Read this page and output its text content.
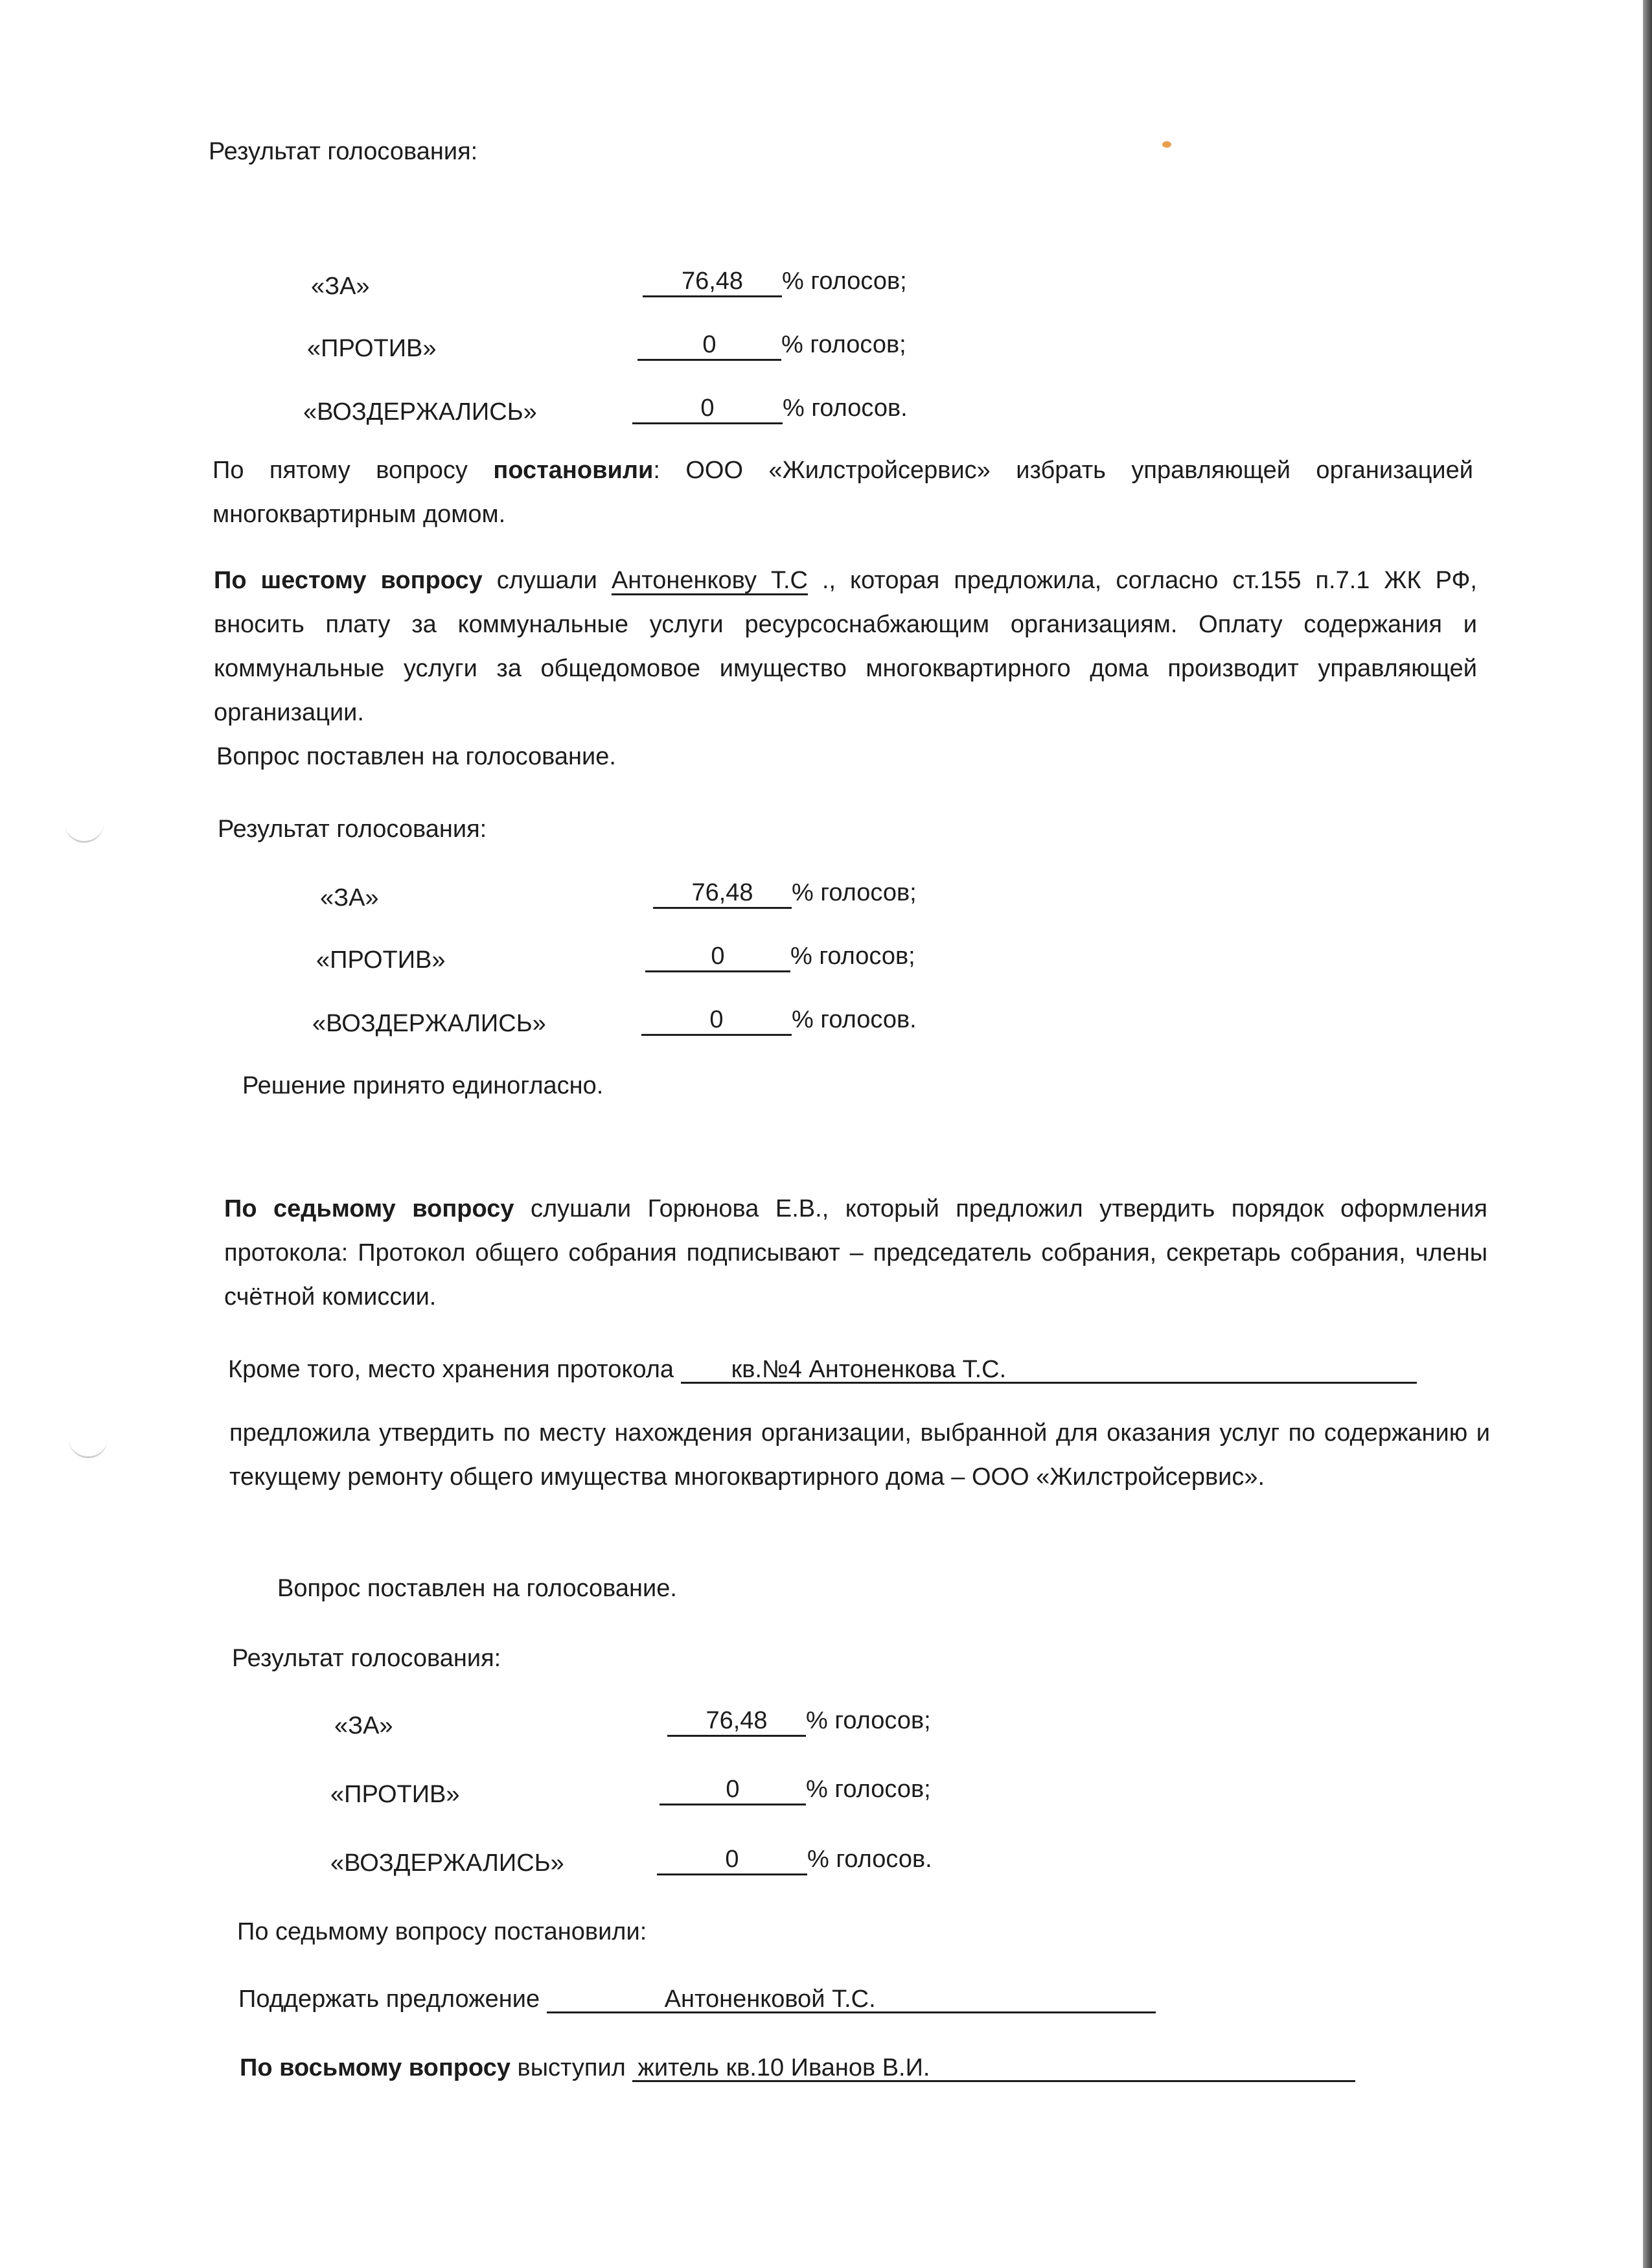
Результат голосования:
«ЗА»	76,48 % голосов;
«ПРОТИВ»	0	% голосов;
«ВОЗДЕРЖАЛИСЬ»	0	% голосов.
По пятому вопросу постановили: ООО «Жилстройсервис» избрать управляющей организацией многоквартирным домом.
По шестому вопросу слушали Антоненкову Т.С ., которая предложила, согласно ст.155 п.7.1 ЖК РФ, вносить плату за коммунальные услуги ресурсоснабжающим организациям. Оплату содержания и коммунальные услуги за общедомовое имущество многоквартирного дома производит управляющей организации.
Вопрос поставлен на голосование.
Результат голосования:
«ЗА»	76,48 % голосов;
«ПРОТИВ»	0	% голосов;
«ВОЗДЕРЖАЛИСЬ»	0	% голосов.
Решение принято единогласно.
По седьмому вопросу слушали Горюнова Е.В., который предложил утвердить порядок оформления протокола: Протокол общего собрания подписывают – председатель собрания, секретарь собрания, члены счётной комиссии.
Кроме того, место хранения протокола кв.№4 Антоненкова Т.С.
предложила утвердить по месту нахождения организации, выбранной для оказания услуг по содержанию и текущему ремонту общего имущества многоквартирного дома – ООО «Жилстройсервис».
Вопрос поставлен на голосование.
Результат голосования:
«ЗА»	76,48 % голосов;
«ПРОТИВ»	0	% голосов;
«ВОЗДЕРЖАЛИСЬ»	0	% голосов.
По седьмому вопросу постановили:
Поддержать предложение	Антоненковой Т.С.
По восьмому вопросу выступил житель кв.10 Иванов В.И.
